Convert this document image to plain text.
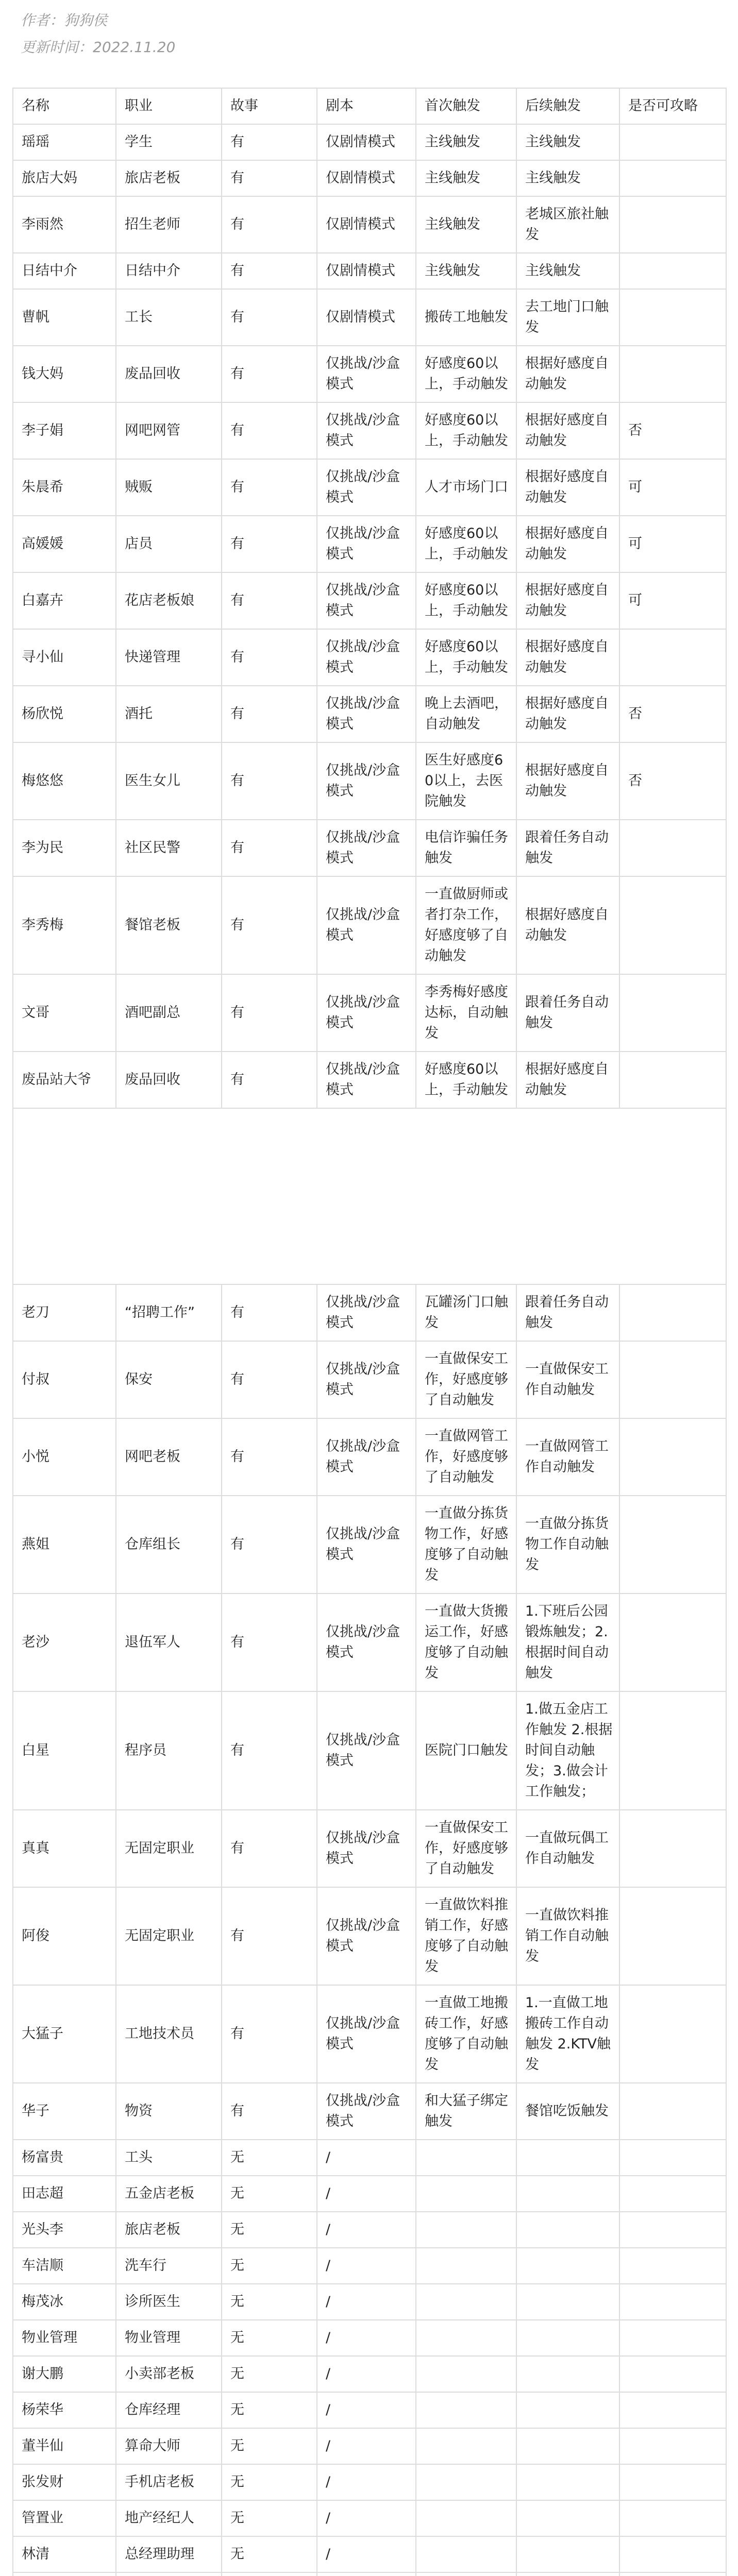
作者：狗狗侯
更新时间：2022.11.20
名称	职业	故事	剧本	首次触发	后续触发	是否可攻略
瑶瑶	学生	有	仅剧情模式	主线触发	主线触发	
旅店大妈	旅店老板	有	仅剧情模式	主线触发	主线触发	
李雨然	招生老师	有	仅剧情模式	主线触发	老城区旅社触发	
日结中介	日结中介	有	仅剧情模式	主线触发	主线触发	
曹帆	工长	有	仅剧情模式	搬砖工地触发	去工地门口触发	
钱大妈	废品回收	有	仅挑战/沙盒模式	好感度60以上，手动触发	根据好感度自动触发	
李子娟	网吧网管	有	仅挑战/沙盒模式	好感度60以上，手动触发	根据好感度自动触发	否
朱晨希	贼贩	有	仅挑战/沙盒模式	人才市场门口	根据好感度自动触发	可
高媛媛	店员	有	仅挑战/沙盒模式	好感度60以上，手动触发	根据好感度自动触发	可
白嘉卉	花店老板娘	有	仅挑战/沙盒模式	好感度60以上，手动触发	根据好感度自动触发	可
寻小仙	快递管理	有	仅挑战/沙盒模式	好感度60以上，手动触发	根据好感度自动触发	
杨欣悦	酒托	有	仅挑战/沙盒模式	晚上去酒吧，自动触发	根据好感度自动触发	否
梅悠悠	医生女儿	有	仅挑战/沙盒模式	医生好感度60以上，去医院触发	根据好感度自动触发	否
李为民	社区民警	有	仅挑战/沙盒模式	电信诈骗任务触发	跟着任务自动触发	
李秀梅	餐馆老板	有	仅挑战/沙盒模式	一直做厨师或者打杂工作，好感度够了自动触发	根据好感度自动触发	
文哥	酒吧副总	有	仅挑战/沙盒模式	李秀梅好感度达标，自动触发	跟着任务自动触发	
废品站大爷	废品回收	有	仅挑战/沙盒模式	好感度60以上，手动触发	根据好感度自动触发	

老刀	“招聘工作”	有	仅挑战/沙盒模式	瓦罐汤门口触发	跟着任务自动触发	
付叔	保安	有	仅挑战/沙盒模式	一直做保安工作，好感度够了自动触发	一直做保安工作自动触发	
小悦	网吧老板	有	仅挑战/沙盒模式	一直做网管工作，好感度够了自动触发	一直做网管工作自动触发	
燕姐	仓库组长	有	仅挑战/沙盒模式	一直做分拣货物工作，好感度够了自动触发	一直做分拣货物工作自动触发	
老沙	退伍军人	有	仅挑战/沙盒模式	一直做大货搬运工作，好感度够了自动触发	1.下班后公园锻炼触发；2.根据时间自动触发	
白星	程序员	有	仅挑战/沙盒模式	医院门口触发	1.做五金店工作触发 2.根据时间自动触发；3.做会计工作触发；	
真真	无固定职业	有	仅挑战/沙盒模式	一直做保安工作，好感度够了自动触发	一直做玩偶工作自动触发	
阿俊	无固定职业	有	仅挑战/沙盒模式	一直做饮料推销工作，好感度够了自动触发	一直做饮料推销工作自动触发	
大猛子	工地技术员	有	仅挑战/沙盒模式	一直做工地搬砖工作，好感度够了自动触发	1.一直做工地搬砖工作自动触发 2.KTV触发	
华子	物资	有	仅挑战/沙盒模式	和大猛子绑定触发	餐馆吃饭触发	
杨富贵	工头	无	/			
田志超	五金店老板	无	/			
光头李	旅店老板	无	/			
车洁顺	洗车行	无	/			
梅茂冰	诊所医生	无	/			
物业管理	物业管理	无	/			
谢大鹏	小卖部老板	无	/			
杨荣华	仓库经理	无	/			
董半仙	算命大师	无	/			
张发财	手机店老板	无	/			
管置业	地产经纪人	无	/			
林清	总经理助理	无	/			
